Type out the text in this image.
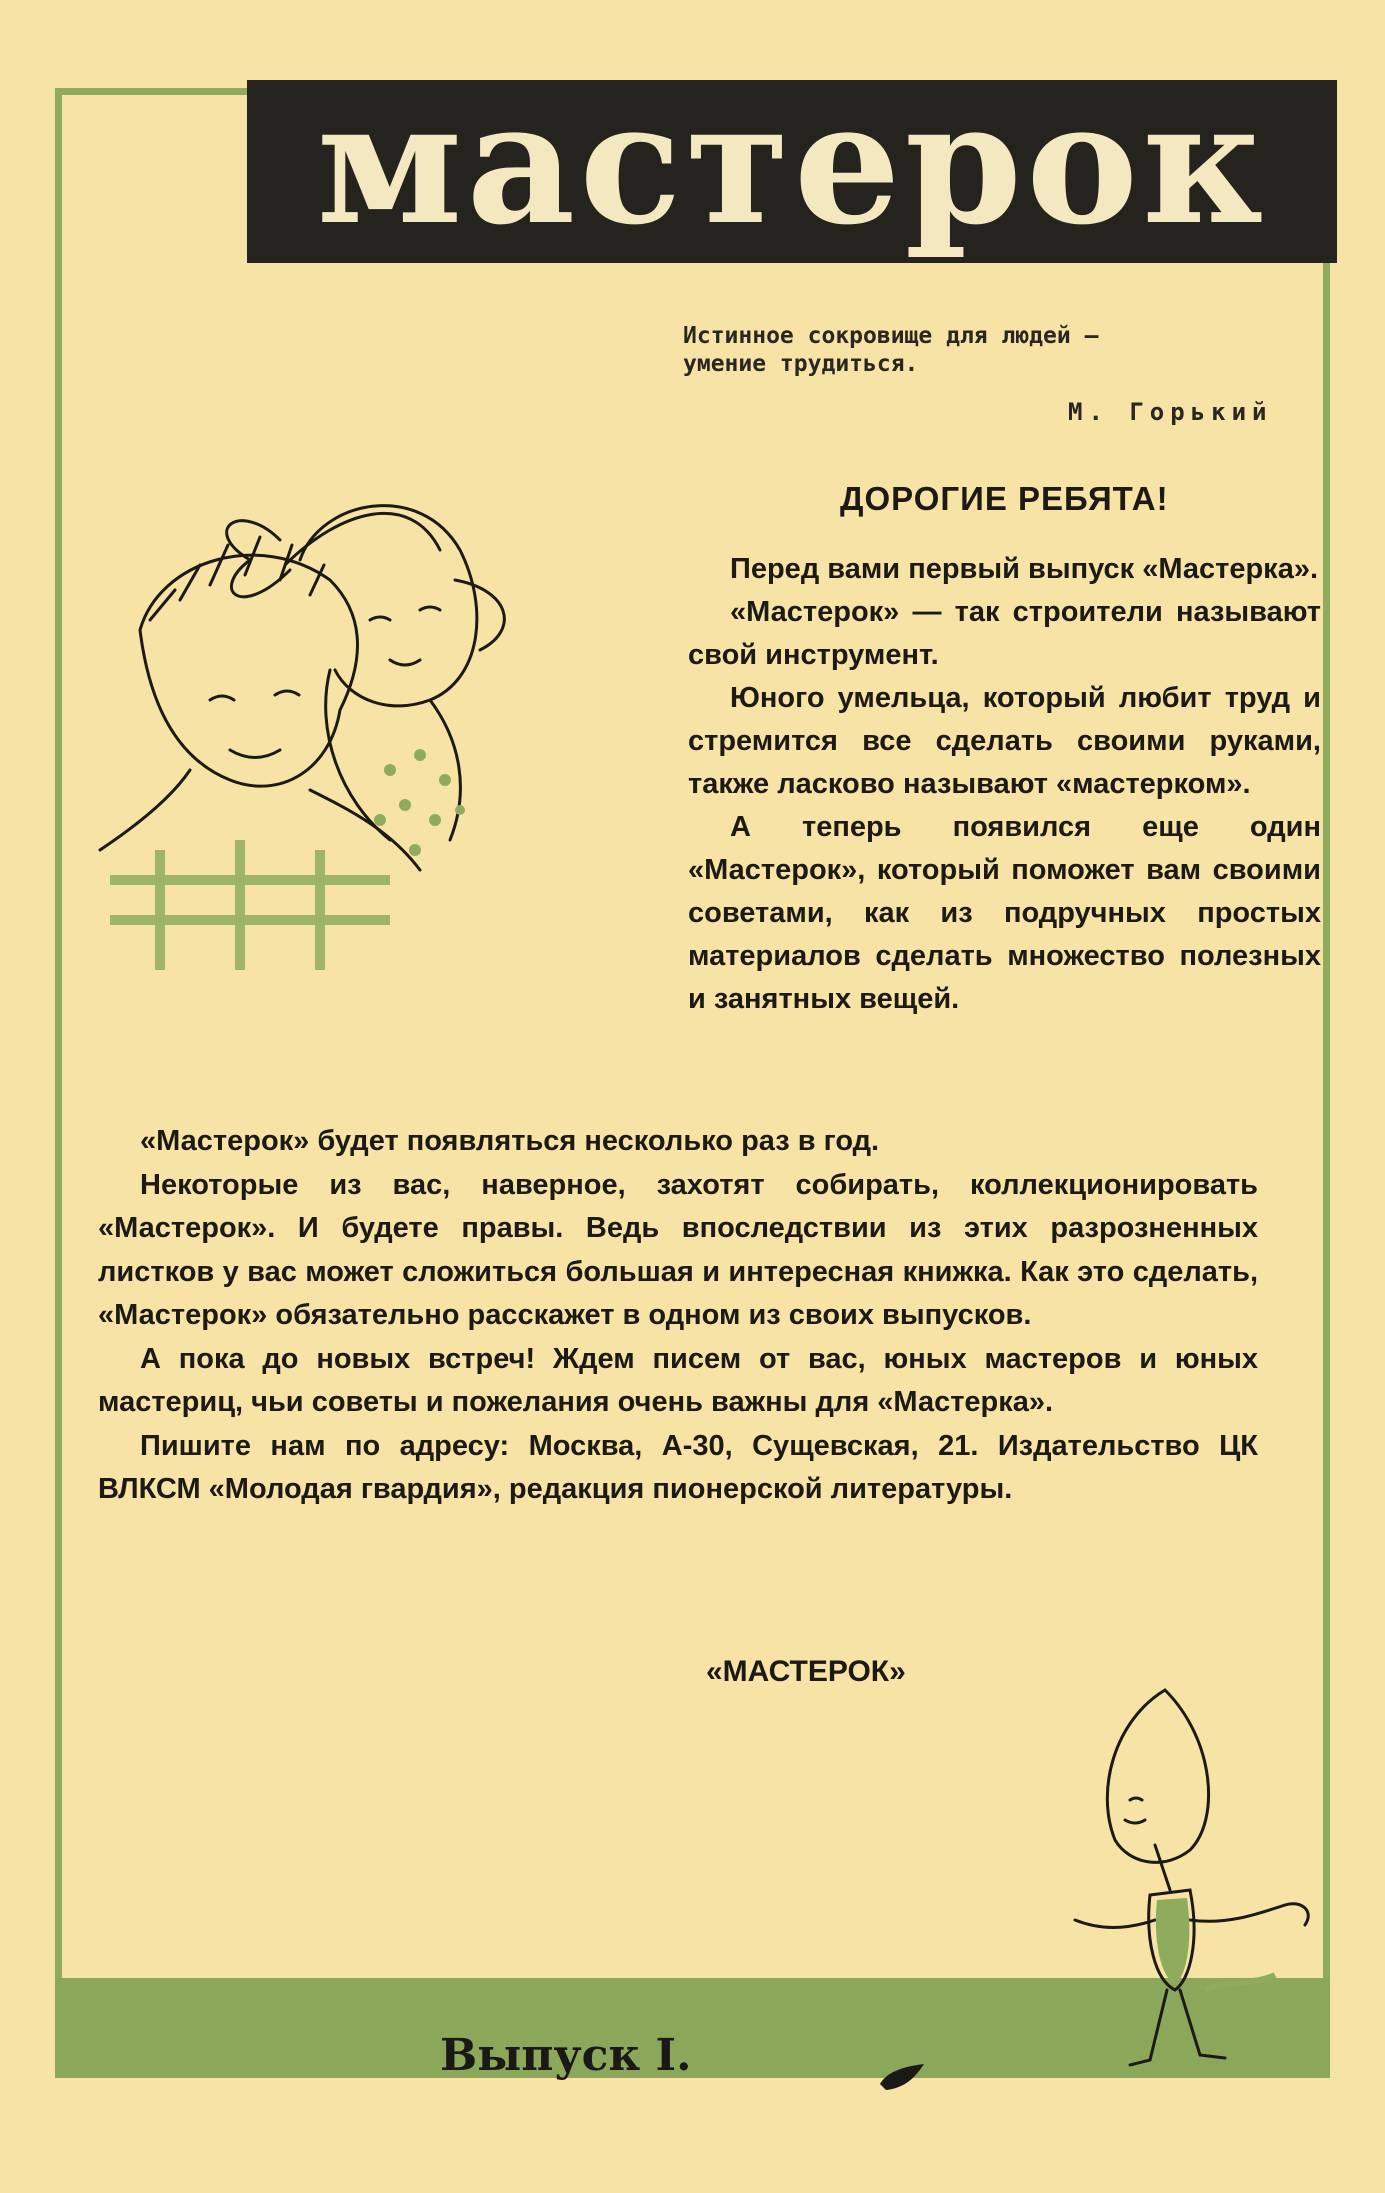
мастерок
Истинное сокровище для людей —
умение трудиться.
М. Горький
ДОРОГИЕ РЕБЯТА!

Перед вами первый выпуск «Мастерка».

«Мастерок» — так строители называют свой инструмент.

Юного умельца, который любит труд и стремится все сделать своими руками, также ласково называют «мастерком».

А теперь появился еще один «Мастерок», который поможет вам своими советами, как из подручных простых материалов сделать множество полезных и занятных вещей.

«Мастерок» будет появляться несколько раз в год.

Некоторые из вас, наверное, захотят собирать, коллекционировать «Мастерок». И будете правы. Ведь впоследствии из этих разрозненных листков у вас может сложиться большая и интересная книжка. Как это сделать, «Мастерок» обязательно расскажет в одном из своих выпусков.

А пока до новых встреч! Ждем писем от вас, юных мастеров и юных мастериц, чьи советы и пожелания очень важны для «Мастерка».

Пишите нам по адресу: Москва, А-30, Сущевская, 21. Издательство ЦК ВЛКСМ «Молодая гвардия», редакция пионерской литературы.

«МАСТЕРОК»
Выпуск I.
